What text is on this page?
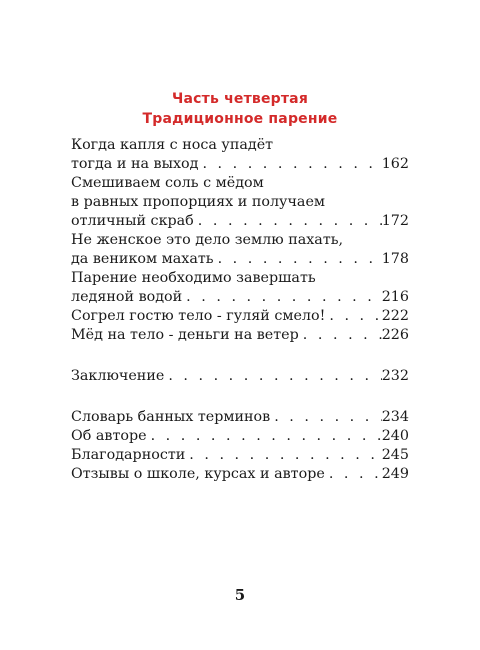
Часть четвертая
Традиционное парение
Когда капля с носа упадёт
тогда и на выход . . .	162
Смешиваем соль с мёдом
в равных пропорциях и получаем
отличный скраб . . .	172
Не женское это дело землю пахать,
да веником махать . . .	178
Парение необходимо завершать
ледяной водой . . .	216
Согрел гостю тело - гуляй смело! . . .	222
Мёд на тело - деньги на ветер . . .	226
Заключение . . .	232
Словарь банных терминов . . .	234
Об авторе . . .	240
Благодарности . . .	245
Отзывы о школе, курсах и авторе . . .	249
5
